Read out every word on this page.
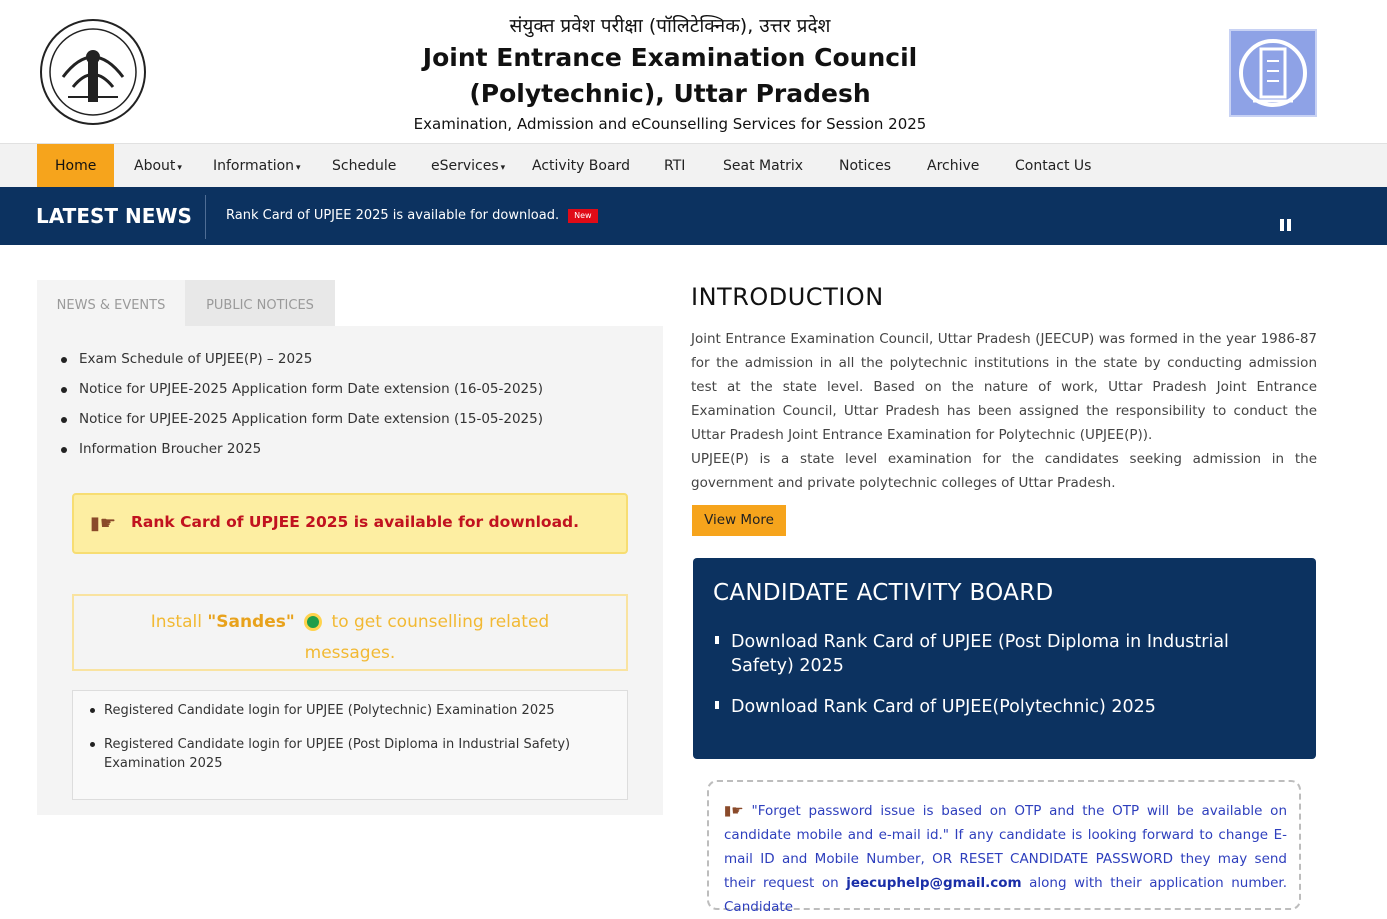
संयुक्त प्रवेश परीक्षा (पॉलिटेक्निक), उत्तर प्रदेश
Joint Entrance Examination Council
(Polytechnic), Uttar Pradesh
Examination, Admission and eCounselling Services for Session 2025
Home	About ▾ Information ▾ Schedule eServices ▾ Activity Board RTI	Seat Matrix	Notices	Archive	Contact Us
LATEST NEWS	Rank Card of UPJEE 2025 is available for download. New
NEWS & EVENTS	PUBLIC NOTICES
Exam Schedule of UPJEE(P) – 2025
Notice for UPJEE-2025 Application form Date extension (16-05-2025)
Notice for UPJEE-2025 Application form Date extension (15-05-2025)
Information Broucher 2025
▮☛ Rank Card of UPJEE 2025 is available for download.
Install "Sandes" to get counselling related
messages.
Registered Candidate login for UPJEE (Polytechnic) Examination 2025
Registered Candidate login for UPJEE (Post Diploma in Industrial Safety) Examination 2025
INTRODUCTION

Joint Entrance Examination Council, Uttar Pradesh (JEECUP) was formed in the year 1986-87 for the admission in all the polytechnic institutions in the state by conducting admission test at the state level. Based on the nature of work, Uttar Pradesh Joint Entrance Examination Council, Uttar Pradesh has been assigned the responsibility to conduct the Uttar Pradesh Joint Entrance Examination for Polytechnic (UPJEE(P)).

UPJEE(P) is a state level examination for the candidates seeking admission in the government and private polytechnic colleges of Uttar Pradesh.

View More
CANDIDATE ACTIVITY BOARD
Download Rank Card of UPJEE (Post Diploma in Industrial Safety) 2025
Download Rank Card of UPJEE(Polytechnic) 2025
▮☛ "Forget password issue is based on OTP and the OTP will be available on candidate mobile and e-mail id." If any candidate is looking forward to change E-mail ID and Mobile Number, OR RESET CANDIDATE PASSWORD they may send their request on jeecuphelp@gmail.com along with their application number. Candidate
